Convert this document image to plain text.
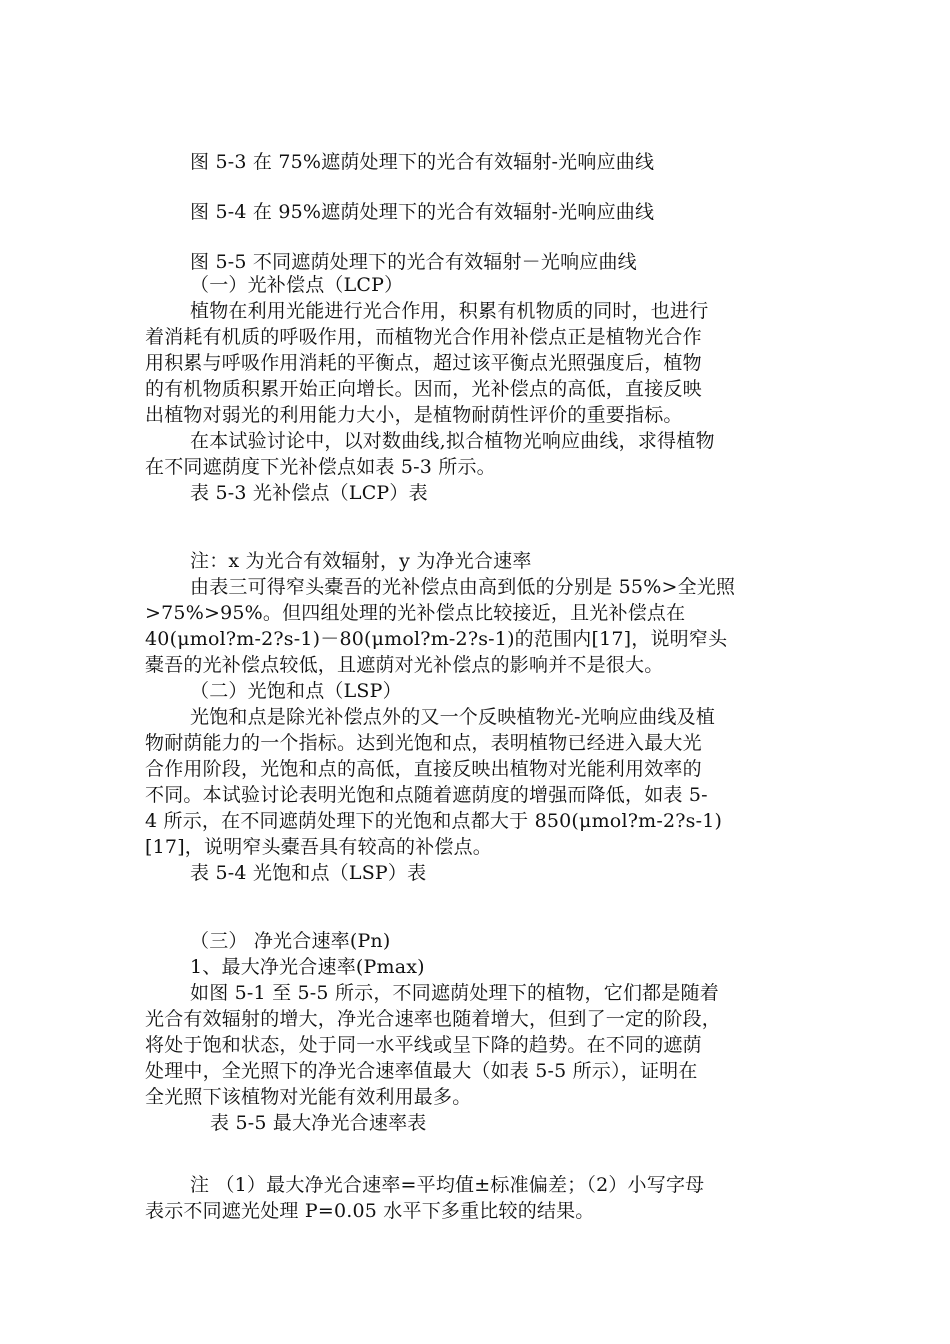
图 5-3 在 75%遮荫处理下的光合有效辐射-光响应曲线
图 5-4 在 95%遮荫处理下的光合有效辐射-光响应曲线
图 5-5 不同遮荫处理下的光合有效辐射－光响应曲线
（一）光补偿点（LCP）
植物在利用光能进行光合作用，积累有机物质的同时，也进行
着消耗有机质的呼吸作用，而植物光合作用补偿点正是植物光合作
用积累与呼吸作用消耗的平衡点，超过该平衡点光照强度后，植物
的有机物质积累开始正向增长。因而，光补偿点的高低，直接反映
出植物对弱光的利用能力大小，是植物耐荫性评价的重要指标。
在本试验讨论中，以对数曲线,拟合植物光响应曲线，求得植物
在不同遮荫度下光补偿点如表 5-3 所示。
表 5-3 光补偿点（LCP）表
注：x 为光合有效辐射，y 为净光合速率
由表三可得窄头橐吾的光补偿点由高到低的分别是 55%>全光照
>75%>95%。但四组处理的光补偿点比较接近，且光补偿点在
40(μmol?m-2?s-1)－80(μmol?m-2?s-1)的范围内[17]，说明窄头
橐吾的光补偿点较低，且遮荫对光补偿点的影响并不是很大。
（二）光饱和点（LSP）
光饱和点是除光补偿点外的又一个反映植物光-光响应曲线及植
物耐荫能力的一个指标。达到光饱和点，表明植物已经进入最大光
合作用阶段，光饱和点的高低，直接反映出植物对光能利用效率的
不同。本试验讨论表明光饱和点随着遮荫度的增强而降低，如表 5-
4 所示，在不同遮荫处理下的光饱和点都大于 850(μmol?m-2?s-1)
[17]，说明窄头橐吾具有较高的补偿点。
表 5-4 光饱和点（LSP）表
（三） 净光合速率(Pn)
1、最大净光合速率(Pmax)
如图 5-1 至 5-5 所示，不同遮荫处理下的植物，它们都是随着
光合有效辐射的增大，净光合速率也随着增大，但到了一定的阶段，
将处于饱和状态，处于同一水平线或呈下降的趋势。在不同的遮荫
处理中，全光照下的净光合速率值最大（如表 5-5 所示），证明在
全光照下该植物对光能有效利用最多。
表 5-5 最大净光合速率表
注 （1）最大净光合速率=平均值±标准偏差；（2）小写字母
表示不同遮光处理 P=0.05 水平下多重比较的结果。
